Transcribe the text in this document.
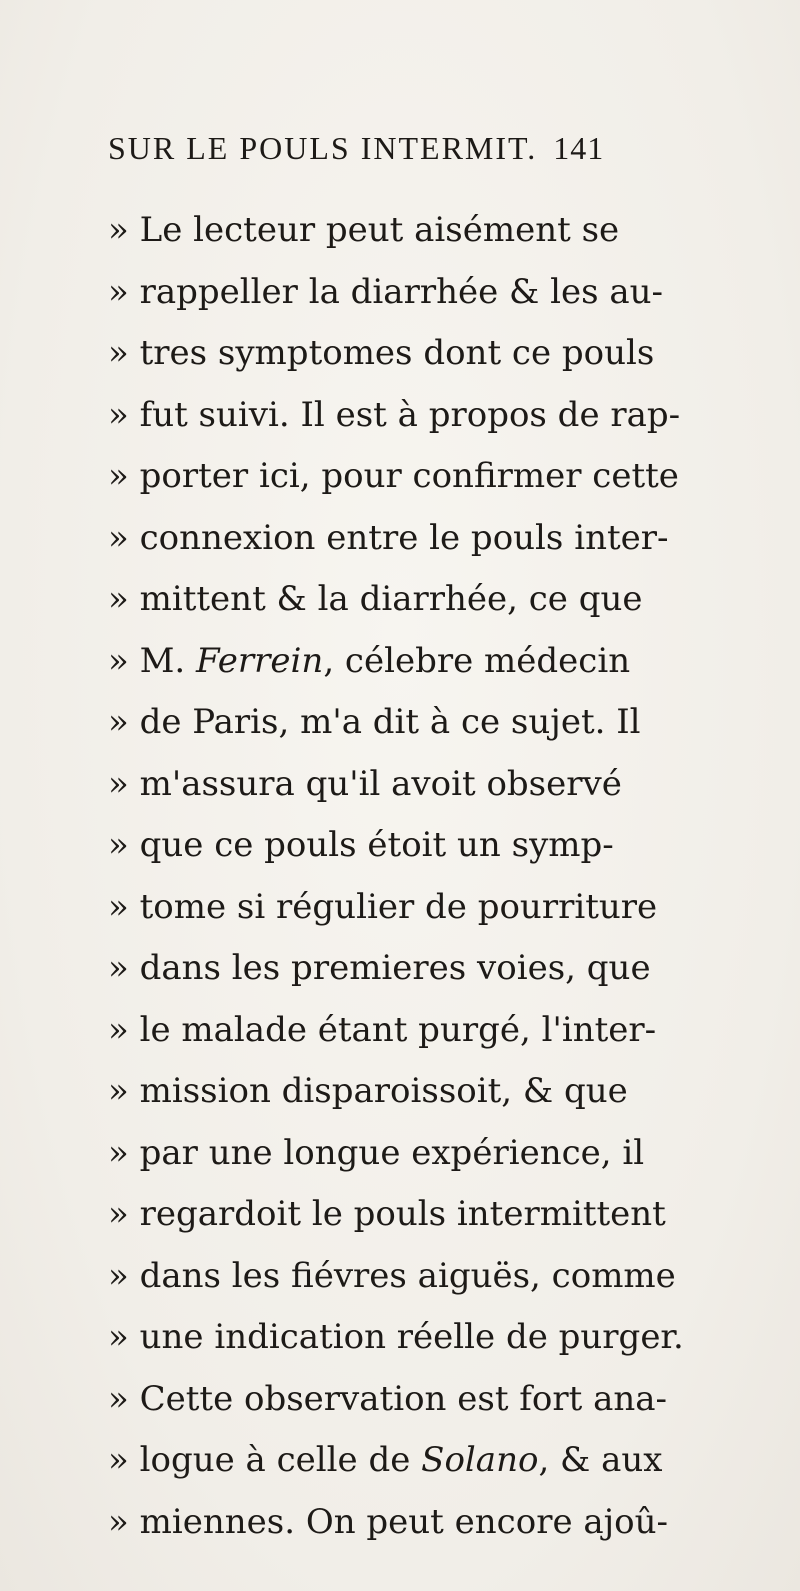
SUR LE POULS INTERMIT. 141
» Le lecteur peut aisément se
» rappeller la diarrhée & les au-
» tres symptomes dont ce pouls
» fut suivi. Il est à propos de rap-
» porter ici, pour confirmer cette
» connexion entre le pouls inter-
» mittent & la diarrhée, ce que
» M. Ferrein, célebre médecin
» de Paris, m'a dit à ce sujet. Il
» m'assura qu'il avoit observé
» que ce pouls étoit un symp-
» tome si régulier de pourriture
» dans les premieres voies, que
» le malade étant purgé, l'inter-
» mission disparoissoit, & que
» par une longue expérience, il
» regardoit le pouls intermittent
» dans les fiévres aiguës, comme
» une indication réelle de purger.
» Cette observation est fort ana-
» logue à celle de Solano, & aux
» miennes. On peut encore ajoû-
